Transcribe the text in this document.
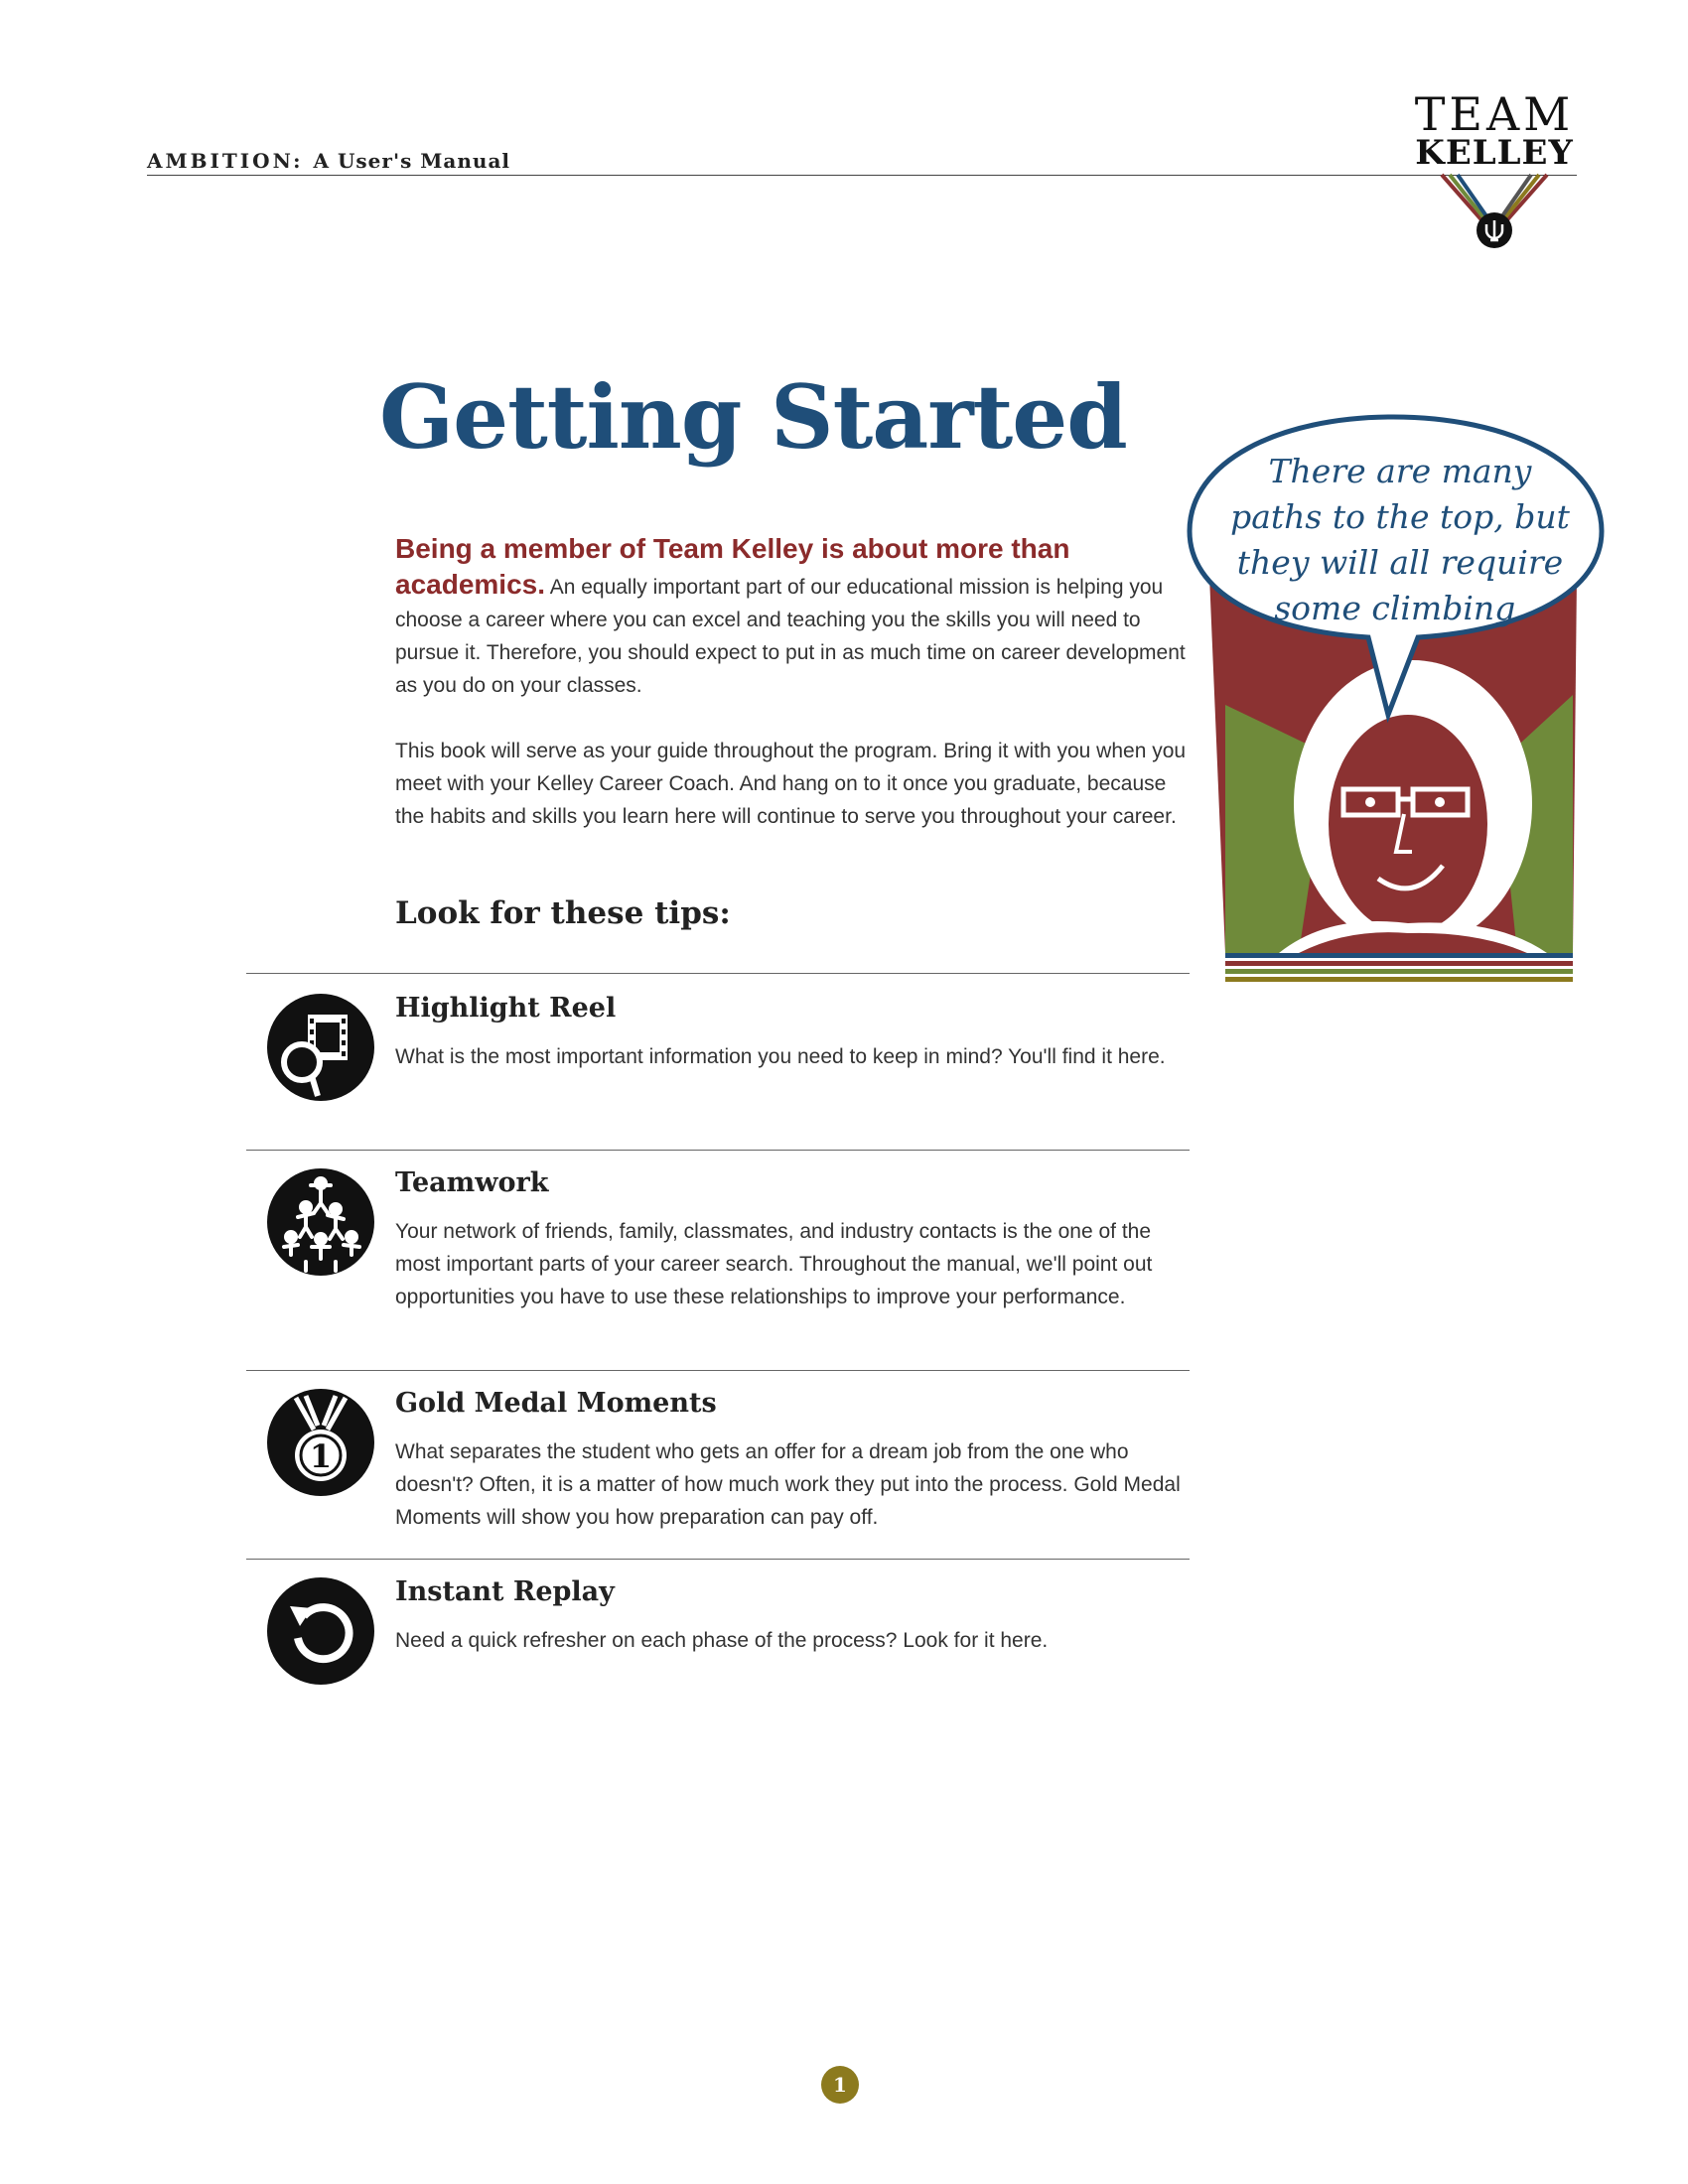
AMBITION: A User's Manual
TEAM
KELLEY
Getting Started

Being a member of Team Kelley is about more than academics. An equally important part of our educational mission is helping you choose a career where you can excel and teaching you the skills you will need to pursue it. Therefore, you should expect to put in as much time on career development as you do on your classes.

This book will serve as your guide throughout the program. Bring it with you when you meet with your Kelley Career Coach. And hang on to it once you graduate, because the habits and skills you learn here will continue to serve you throughout your career.

Look for these tips:
There are many
paths to the top, but
they will all require
some climbing.
Highlight Reel
What is the most important information you need to keep in mind? You'll find it here.
Teamwork
Your network of friends, family, classmates, and industry contacts is the one of the most important parts of your career search. Throughout the manual, we'll point out opportunities you have to use these relationships to improve your performance.
1
Gold Medal Moments
What separates the student who gets an offer for a dream job from the one who doesn't? Often, it is a matter of how much work they put into the process. Gold Medal Moments will show you how preparation can pay off.
Instant Replay
Need a quick refresher on each phase of the process? Look for it here.
1
